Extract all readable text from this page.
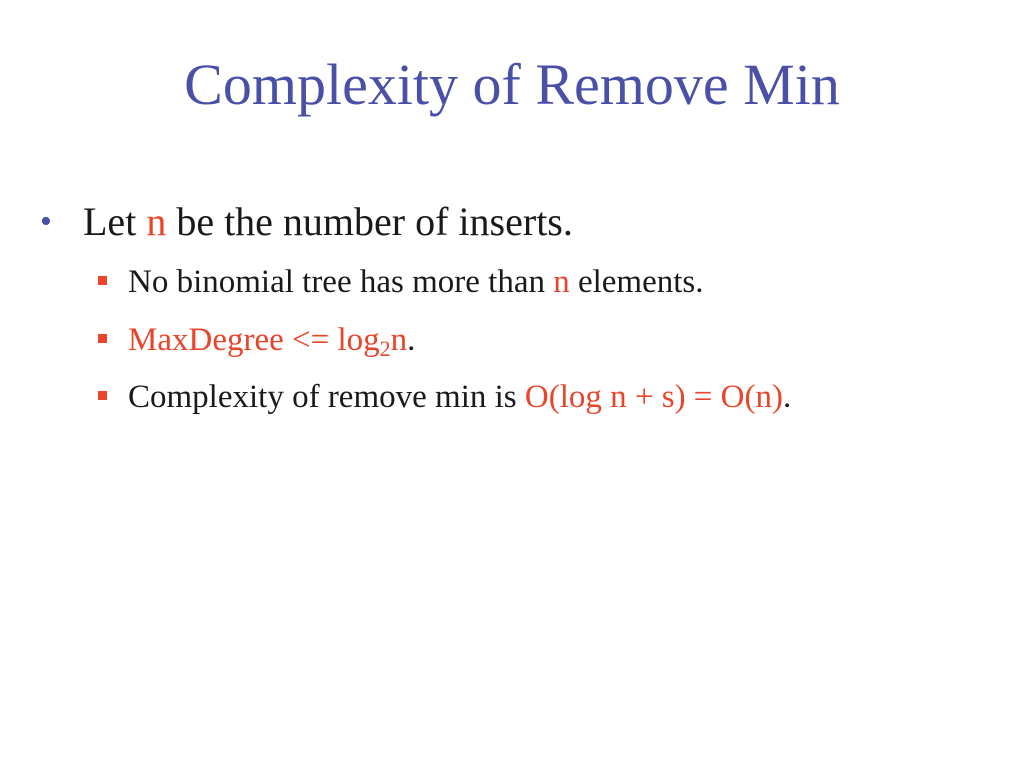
Complexity of Remove Min
• Let n be the number of inserts.
No binomial tree has more than n elements.
MaxDegree <= $\log_2n$.
Complexity of remove min is O(log n + s) = O(n).
